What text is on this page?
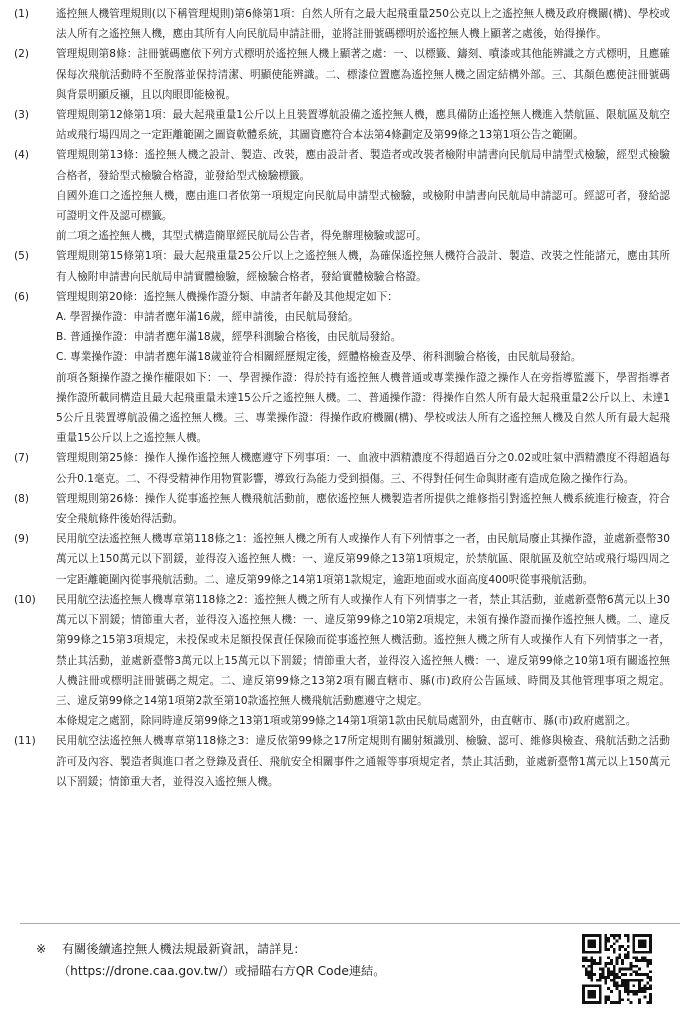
(1)	遙控無人機管理規則(以下稱管理規則)第6條第1項：自然人所有之最大起飛重量250公克以上之遙控無人機及政府機關(構)、學校或法人所有之遙控無人機，應由其所有人向民航局申請註冊，並將註冊號碼標明於遙控無人機上顯著之處後，始得操作。

(2)	管理規則第8條：註冊號碼應依下列方式標明於遙控無人機上顯著之處：一、以標籤、鑄刻、噴漆或其他能辨識之方式標明，且應確保每次飛航活動時不至脫落並保持清潔、明顯使能辨識。二、標漆位置應為遙控無人機之固定結構外部。三、其顏色應使註冊號碼與背景明顯反襯，且以肉眼即能檢視。

(3)	管理規則第12條第1項：最大起飛重量1公斤以上且裝置導航設備之遙控無人機，應具備防止遙控無人機進入禁航區、限航區及航空站或飛行場四周之一定距離範圍之圖資軟體系統，其圖資應符合本法第4條劃定及第99條之13第1項公告之範圍。

(4)	管理規則第13條：遙控無人機之設計、製造、改裝，應由設計者、製造者或改裝者檢附申請書向民航局申請型式檢驗，經型式檢驗合格者，發給型式檢驗合格證，並發給型式檢驗標籤。

自國外進口之遙控無人機，應由進口者依第一項規定向民航局申請型式檢驗，或檢附申請書向民航局申請認可。經認可者，發給認可證明文件及認可標籤。

前二項之遙控無人機，其型式構造簡單經民航局公告者，得免辦理檢驗或認可。

(5)	管理規則第15條第1項：最大起飛重量25公斤以上之遙控無人機，為確保遙控無人機符合設計、製造、改裝之性能諸元，應由其所有人檢附申請書向民航局申請實體檢驗，經檢驗合格者，發給實體檢驗合格證。

(6)	管理規則第20條：遙控無人機操作證分類、申請者年齡及其他規定如下：

A. 學習操作證：申請者應年滿16歲，經申請後，由民航局發給。

B. 普通操作證：申請者應年滿18歲，經學科測驗合格後，由民航局發給。

C. 專業操作證：申請者應年滿18歲並符合相關經歷規定後，經體格檢查及學、術科測驗合格後，由民航局發給。

前項各類操作證之操作權限如下：一、學習操作證：得於持有遙控無人機普通或專業操作證之操作人在旁指導監護下，學習指導者操作證所載同構造且最大起飛重量未達15公斤之遙控無人機。二、普通操作證：得操作自然人所有最大起飛重量2公斤以上、未達15公斤且裝置導航設備之遙控無人機。三、專業操作證：得操作政府機關(構)、學校或法人所有之遙控無人機及自然人所有最大起飛重量15公斤以上之遙控無人機。

(7)	管理規則第25條：操作人操作遙控無人機應遵守下列事項：一、血液中酒精濃度不得超過百分之0.02或吐氣中酒精濃度不得超過每公升0.1毫克。二、不得受精神作用物質影響，導致行為能力受到損傷。三、不得對任何生命與財產有造成危險之操作行為。

(8)	管理規則第26條：操作人從事遙控無人機飛航活動前，應依遙控無人機製造者所提供之維修指引對遙控無人機系統進行檢查，符合安全飛航條件後始得活動。

(9)	民用航空法遙控無人機專章第118條之1：遙控無人機之所有人或操作人有下列情事之一者，由民航局廢止其操作證，並處新臺幣30萬元以上150萬元以下罰鍰，並得沒入遙控無人機：一、違反第99條之13第1項規定，於禁航區、限航區及航空站或飛行場四周之一定距離範圍內從事飛航活動。二、違反第99條之14第1項第1款規定，逾距地面或水面高度400呎從事飛航活動。

(10)	民用航空法遙控無人機專章第118條之2：遙控無人機之所有人或操作人有下列情事之一者，禁止其活動，並處新臺幣6萬元以上30萬元以下罰鍰；情節重大者，並得沒入遙控無人機：一、違反第99條之10第2項規定，未領有操作證而操作遙控無人機。二、違反第99條之15第3項規定，未投保或未足額投保責任保險而從事遙控無人機活動。遙控無人機之所有人或操作人有下列情事之一者，禁止其活動，並處新臺幣3萬元以上15萬元以下罰鍰；情節重大者，並得沒入遙控無人機：一、違反第99條之10第1項有關遙控無人機註冊或標明註冊號碼之規定。二、違反第99條之13第2項有關直轄市、縣(市)政府公告區域、時間及其他管理事項之規定。三、違反第99條之14第1項第2款至第10款遙控無人機飛航活動應遵守之規定。

本條規定之處罰，除同時違反第99條之13第1項或第99條之14第1項第1款由民航局處罰外，由直轄市、縣(市)政府處罰之。

(11)	民用航空法遙控無人機專章第118條之3：違反依第99條之17所定規則有關射頻識別、檢驗、認可、維修與檢查、飛航活動之活動許可及內容、製造者與進口者之登錄及責任、飛航安全相關事件之通報等事項規定者，禁止其活動，並處新臺幣1萬元以上150萬元以下罰鍰；情節重大者，並得沒入遙控無人機。

※ 有關後續遙控無人機法規最新資訊，請詳見：
（https://drone.caa.gov.tw/）或掃瞄右方QR Code連結。
